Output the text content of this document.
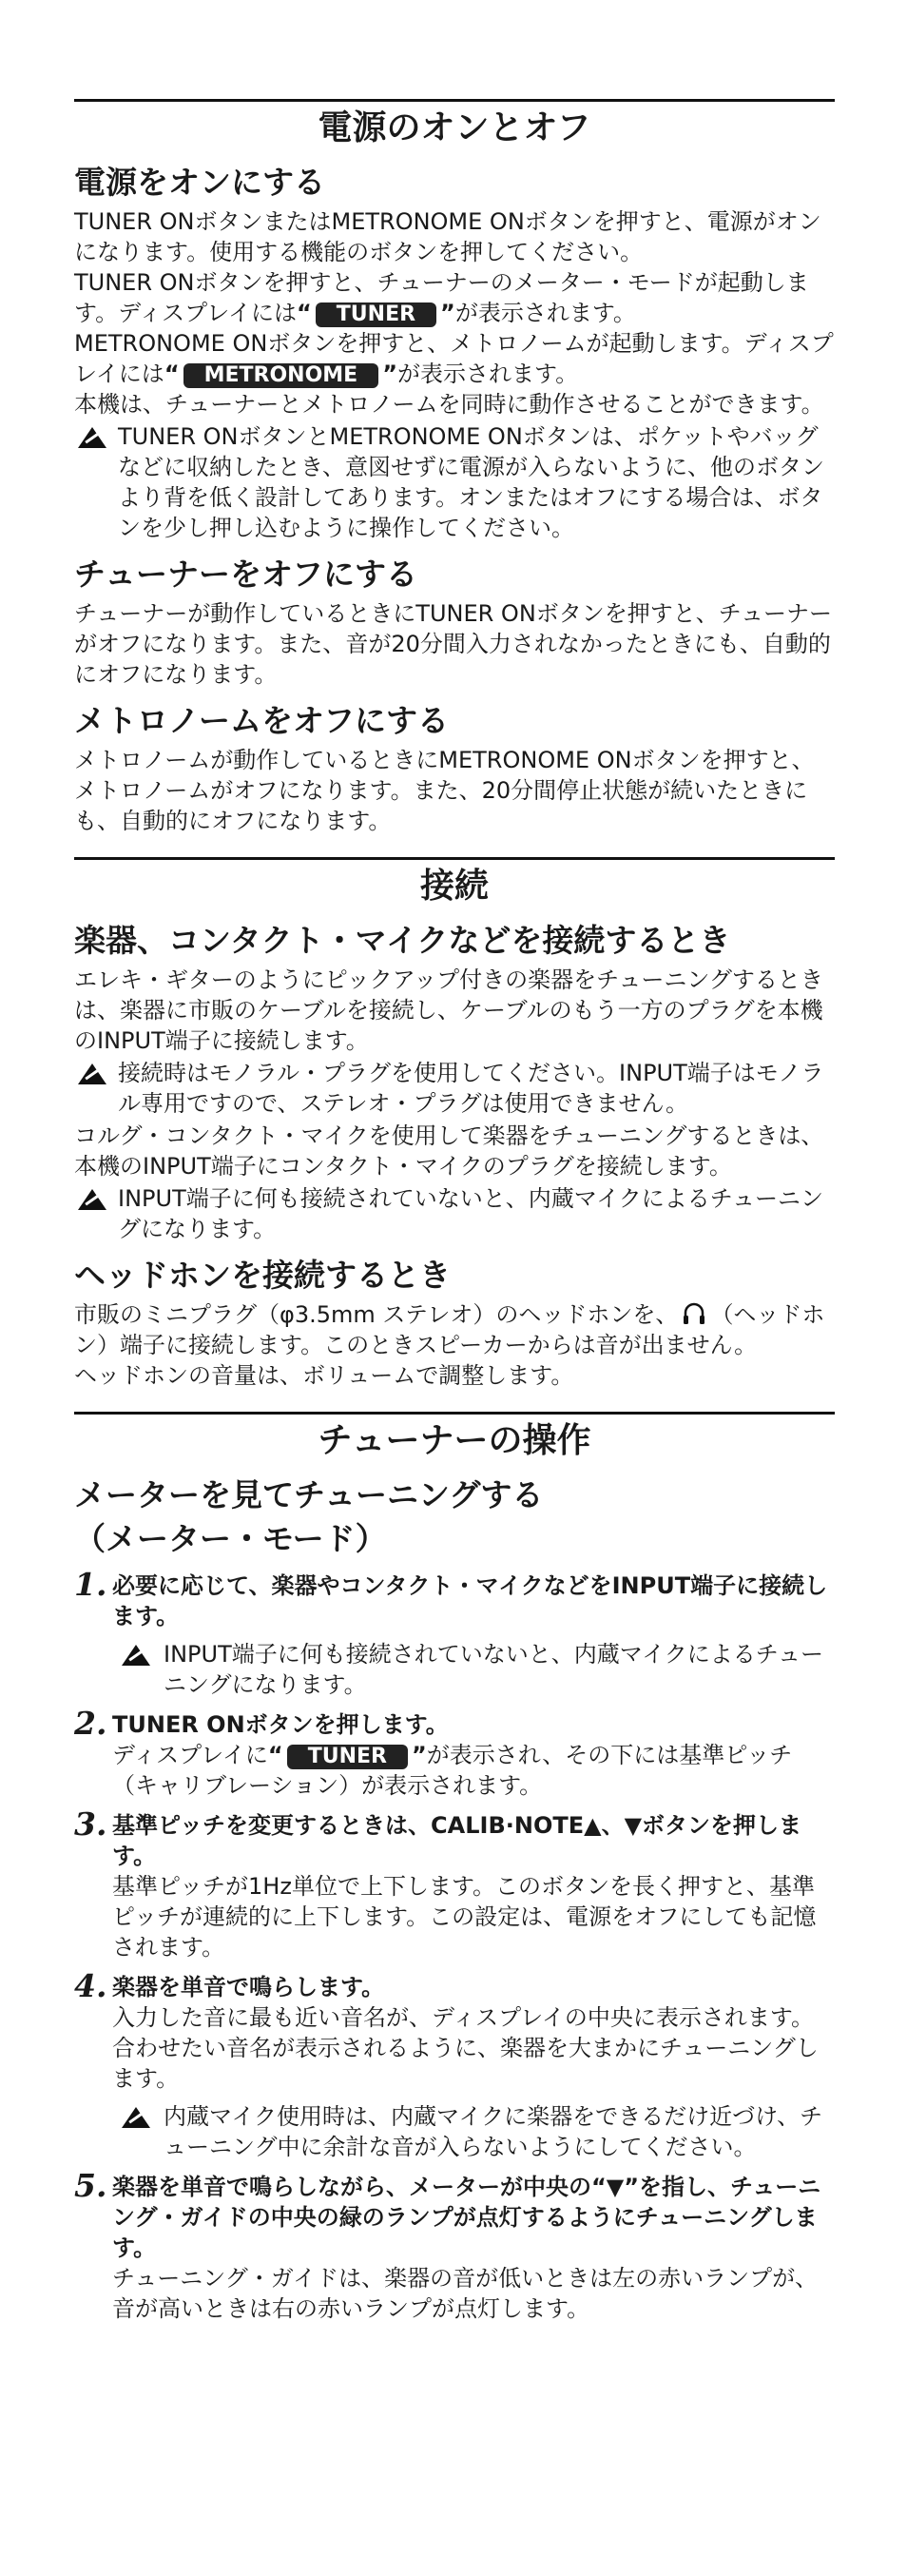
電源のオンとオフ
電源をオンにする

TUNER ONボタンまたはMETRONOME ONボタンを押すと、電源がオンになります。使用する機能のボタンを押してください。

TUNER ONボタンを押すと、チューナーのメーター・モードが起動します。ディスプレイには“ TUNER ”が表示されます。

METRONOME ONボタンを押すと、メトロノームが起動します。ディスプレイには“ METRONOME ”が表示されます。

本機は、チューナーとメトロノームを同時に動作させることができます。

TUNER ONボタンとMETRONOME ONボタンは、ポケットやバッグなどに収納したとき、意図せずに電源が入らないように、他のボタンより背を低く設計してあります。オンまたはオフにする場合は、ボタンを少し押し込むように操作してください。
チューナーをオフにする

チューナーが動作しているときにTUNER ONボタンを押すと、チューナーがオフになります。また、音が20分間入力されなかったときにも、自動的にオフになります。

メトロノームをオフにする

メトロノームが動作しているときにMETRONOME ONボタンを押すと、メトロノームがオフになります。また、20分間停止状態が続いたときにも、自動的にオフになります。

接続
楽器、コンタクト・マイクなどを接続するとき

エレキ・ギターのようにピックアップ付きの楽器をチューニングするときは、楽器に市販のケーブルを接続し、ケーブルのもう一方のプラグを本機のINPUT端子に接続します。

接続時はモノラル・プラグを使用してください。INPUT端子はモノラル専用ですので、ステレオ・プラグは使用できません。

コルグ・コンタクト・マイクを使用して楽器をチューニングするときは、本機のINPUT端子にコンタクト・マイクのプラグを接続します。

INPUT端子に何も接続されていないと、内蔵マイクによるチューニングになります。
ヘッドホンを接続するとき

市販のミニプラグ（φ3.5mm ステレオ）のヘッドホンを、 （ヘッドホン）端子に接続します。このときスピーカーからは音が出ません。

ヘッドホンの音量は、ボリュームで調整します。

チューナーの操作
メーターを見てチューニングする
（メーター・モード）
1. 必要に応じて、楽器やコンタクト・マイクなどをINPUT端子に接続します。
INPUT端子に何も接続されていないと、内蔵マイクによるチューニングになります。
2. TUNER ONボタンを押します。
ディスプレイに“ TUNER ”が表示され、その下には基準ピッチ（キャリブレーション）が表示されます。
3. 基準ピッチを変更するときは、CALIB·NOTE▲、▼ボタンを押します。
基準ピッチが1Hz単位で上下します。このボタンを長く押すと、基準ピッチが連続的に上下します。この設定は、電源をオフにしても記憶されます。
4. 楽器を単音で鳴らします。
入力した音に最も近い音名が、ディスプレイの中央に表示されます。合わせたい音名が表示されるように、楽器を大まかにチューニングします。
内蔵マイク使用時は、内蔵マイクに楽器をできるだけ近づけ、チューニング中に余計な音が入らないようにしてください。
5. 楽器を単音で鳴らしながら、メーターが中央の“▼”を指し、チューニング・ガイドの中央の緑のランプが点灯するようにチューニングします。
チューニング・ガイドは、楽器の音が低いときは左の赤いランプが、音が高いときは右の赤いランプが点灯します。
